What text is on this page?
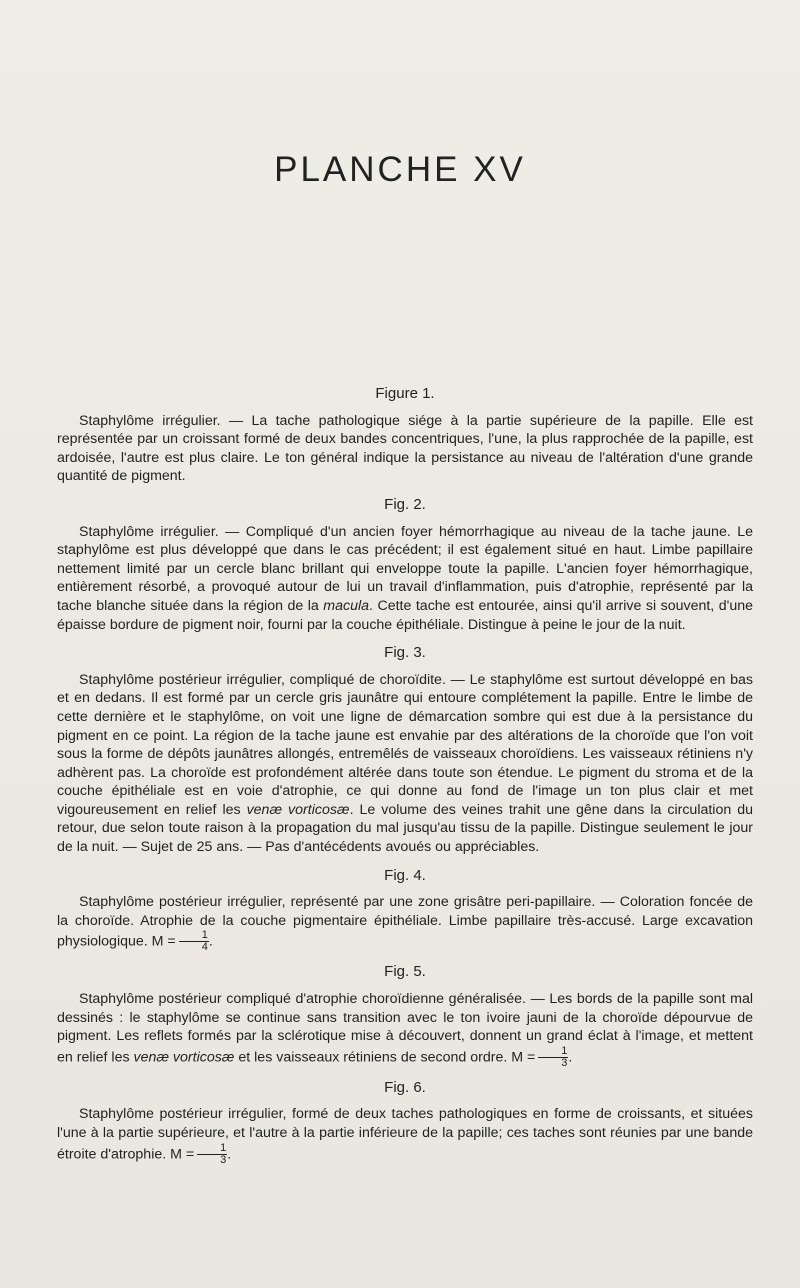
PLANCHE XV
Figure 1.

Staphylôme irrégulier. — La tache pathologique siége à la partie supérieure de la papille. Elle est représentée par un croissant formé de deux bandes concentriques, l'une, la plus rapprochée de la papille, est ardoisée, l'autre est plus claire. Le ton général indique la persistance au niveau de l'altération d'une grande quantité de pigment.

Fig. 2.

Staphylôme irrégulier. — Compliqué d'un ancien foyer hémorrhagique au niveau de la tache jaune. Le staphylôme est plus développé que dans le cas précédent; il est également situé en haut. Limbe papillaire nettement limité par un cercle blanc brillant qui enveloppe toute la papille. L'ancien foyer hémorrhagique, entièrement résorbé, a provoqué autour de lui un travail d'inflammation, puis d'atrophie, représenté par la tache blanche située dans la région de la macula. Cette tache est entourée, ainsi qu'il arrive si souvent, d'une épaisse bordure de pigment noir, fourni par la couche épithéliale. Distingue à peine le jour de la nuit.

Fig. 3.

Staphylôme postérieur irrégulier, compliqué de choroïdite. — Le staphylôme est surtout développé en bas et en dedans. Il est formé par un cercle gris jaunâtre qui entoure complétement la papille. Entre le limbe de cette dernière et le staphylôme, on voit une ligne de démarcation sombre qui est due à la persistance du pigment en ce point. La région de la tache jaune est envahie par des altérations de la choroïde que l'on voit sous la forme de dépôts jaunâtres allongés, entremêlés de vaisseaux choroïdiens. Les vaisseaux rétiniens n'y adhèrent pas. La choroïde est profondément altérée dans toute son étendue. Le pigment du stroma et de la couche épithéliale est en voie d'atrophie, ce qui donne au fond de l'image un ton plus clair et met vigoureusement en relief les venæ vorticosæ. Le volume des veines trahit une gêne dans la circulation du retour, due selon toute raison à la propagation du mal jusqu'au tissu de la papille. Distingue seulement le jour de la nuit. — Sujet de 25 ans. — Pas d'antécédents avoués ou appréciables.

Fig. 4.

Staphylôme postérieur irrégulier, représenté par une zone grisâtre peri-papillaire. — Coloration foncée de la choroïde. Atrophie de la couche pigmentaire épithéliale. Limbe papillaire très-accusé. Large excavation physiologique. $M = \frac{1}{4}$ .

Fig. 5.

Staphylôme postérieur compliqué d'atrophie choroïdienne généralisée. — Les bords de la papille sont mal dessinés : le staphylôme se continue sans transition avec le ton ivoire jauni de la choroïde dépourvue de pigment. Les reflets formés par la sclérotique mise à découvert, donnent un grand éclat à l'image, et mettent en relief les venæ vorticosæ et les vaisseaux rétiniens de second ordre. $M = \frac{1}{3}$ .

Fig. 6.

Staphylôme postérieur irrégulier, formé de deux taches pathologiques en forme de croissants, et situées l'une à la partie supérieure, et l'autre à la partie inférieure de la papille; ces taches sont réunies par une bande étroite d'atrophie. $M = \frac{1}{3}$ .
